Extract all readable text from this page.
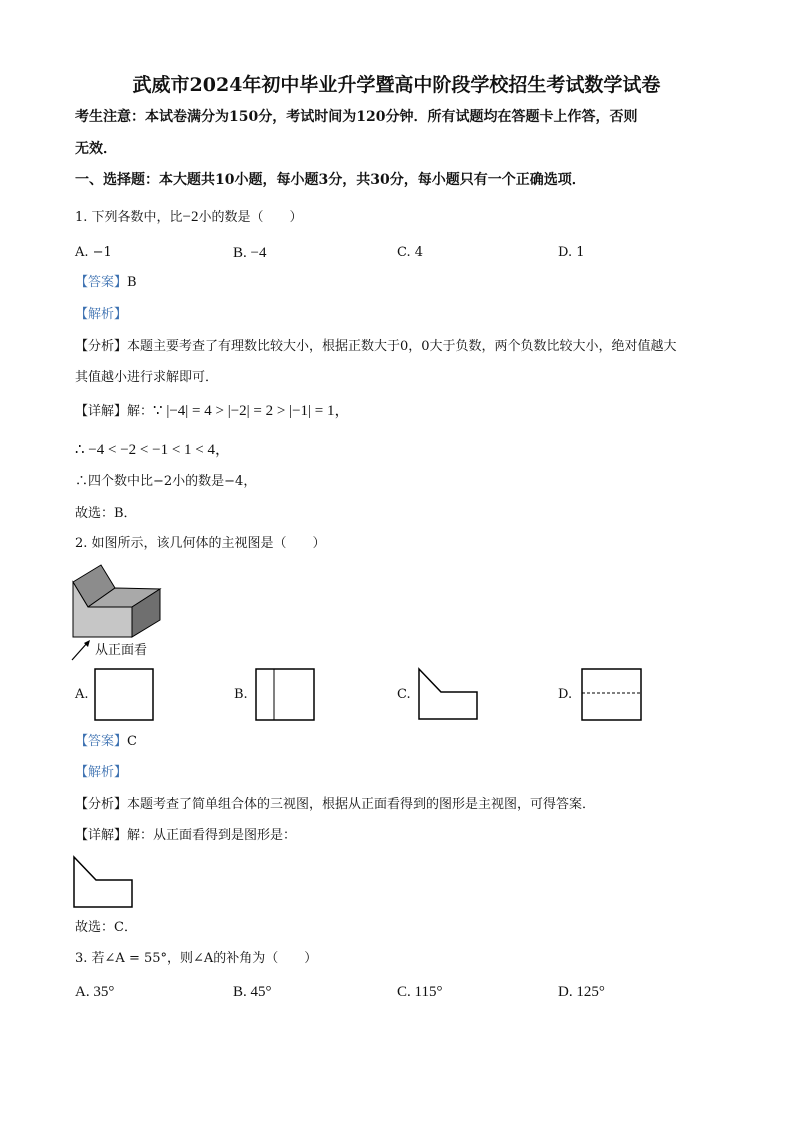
武威市2024年初中毕业升学暨高中阶段学校招生考试数学试卷
考生注意：本试卷满分为150分，考试时间为120分钟．所有试题均在答题卡上作答，否则
无效．
一、选择题：本大题共10小题，每小题3分，共30分，每小题只有一个正确选项．
1. 下列各数中，比−2小的数是（　　）
A. −1	B. −4	C. 4	D. 1
【答案】B
【解析】
【分析】本题主要考查了有理数比较大小，根据正数大于0，0大于负数，两个负数比较大小，绝对值越大
其值越小进行求解即可．
【详解】解：∵ |−4| = 4 > |−2| = 2 > |−1| = 1，
∴ −4 < −2 < −1 < 1 < 4，
∴四个数中比−2小的数是−4，
故选：B．
2. 如图所示，该几何体的主视图是（　　）
从正面看
A.	B.	C.	D.
【答案】C
【解析】
【分析】本题考查了简单组合体的三视图，根据从正面看得到的图形是主视图，可得答案．
【详解】解：从正面看得到是图形是：
故选：C．
3. 若∠A = 55°，则∠A的补角为（　　）
A. 35°	B. 45°	C. 115°	D. 125°
